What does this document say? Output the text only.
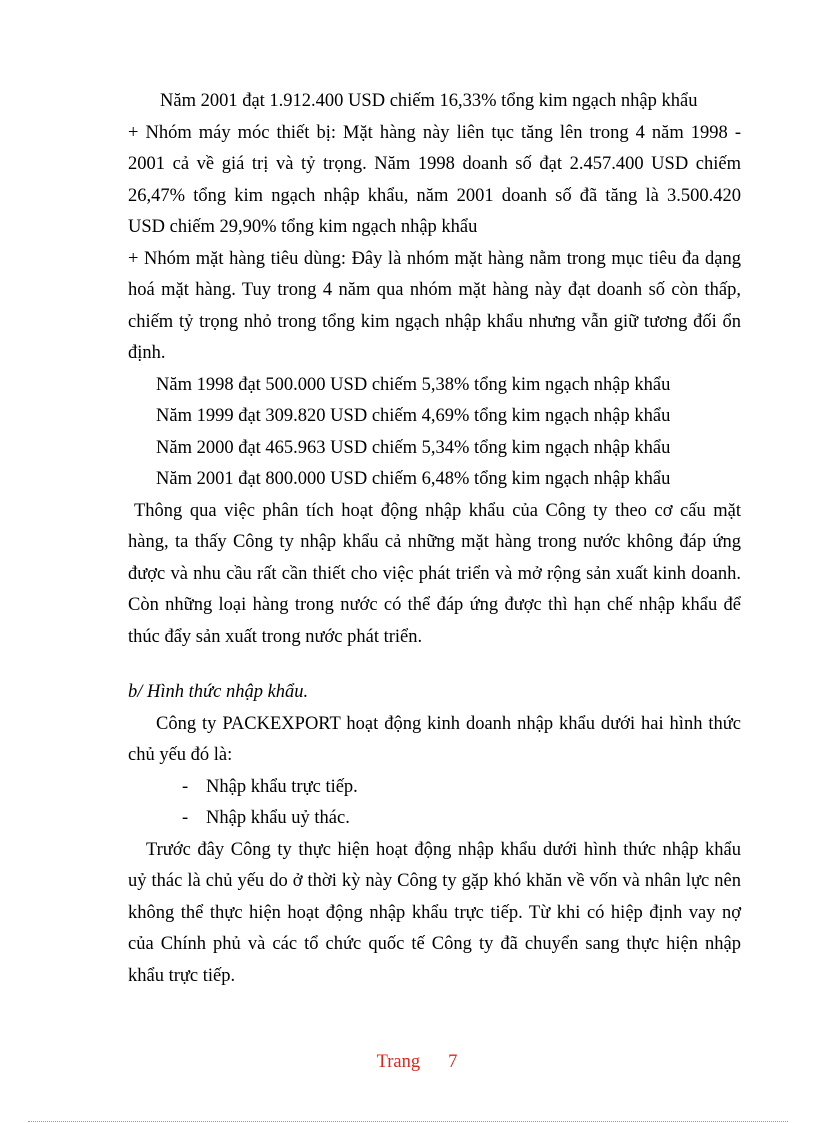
Năm 2001 đạt 1.912.400 USD chiếm 16,33% tổng kim ngạch nhập khẩu
+ Nhóm máy móc thiết bị: Mặt hàng này liên tục tăng lên trong 4 năm 1998 -
2001 cả về giá trị và tỷ trọng. Năm 1998 doanh số đạt 2.457.400 USD chiếm
26,47% tổng kim ngạch nhập khẩu, năm 2001 doanh số đã tăng là 3.500.420
USD chiếm 29,90% tổng kim ngạch nhập khẩu
+ Nhóm mặt hàng tiêu dùng: Đây là nhóm mặt hàng nằm trong mục tiêu đa dạng
hoá mặt hàng. Tuy trong 4 năm qua nhóm mặt hàng này đạt doanh số còn thấp,
chiếm tỷ trọng nhỏ trong tổng kim ngạch nhập khẩu nhưng vẫn giữ tương đối ổn
định.
Năm 1998 đạt 500.000 USD chiếm 5,38% tổng kim ngạch nhập khẩu
Năm 1999 đạt 309.820 USD chiếm 4,69% tổng kim ngạch nhập khẩu
Năm 2000 đạt 465.963 USD chiếm 5,34% tổng kim ngạch nhập khẩu
Năm 2001 đạt 800.000 USD chiếm 6,48% tổng kim ngạch nhập khẩu
Thông qua việc phân tích hoạt động nhập khẩu của Công ty theo cơ cấu mặt
hàng, ta thấy Công ty nhập khẩu cả những mặt hàng trong nước không đáp ứng
được và nhu cầu rất cần thiết cho việc phát triển và mở rộng sản xuất kinh doanh.
Còn những loại hàng trong nước có thể đáp ứng được thì hạn chế nhập khẩu để
thúc đẩy sản xuất trong nước phát triển.
b/ Hình thức nhập khẩu.
Công ty PACKEXPORT hoạt động kinh doanh nhập khẩu dưới hai hình thức
chủ yếu đó là:
- Nhập khẩu trực tiếp.
- Nhập khẩu uỷ thác.
Trước đây Công ty thực hiện hoạt động nhập khẩu dưới hình thức nhập khẩu
uỷ thác là chủ yếu do ở thời kỳ này Công ty gặp khó khăn về vốn và nhân lực nên
không thể thực hiện hoạt động nhập khẩu trực tiếp. Từ khi có hiệp định vay nợ
của Chính phủ và các tổ chức quốc tế Công ty đã chuyển sang thực hiện nhập
khẩu trực tiếp.
Trang 7
